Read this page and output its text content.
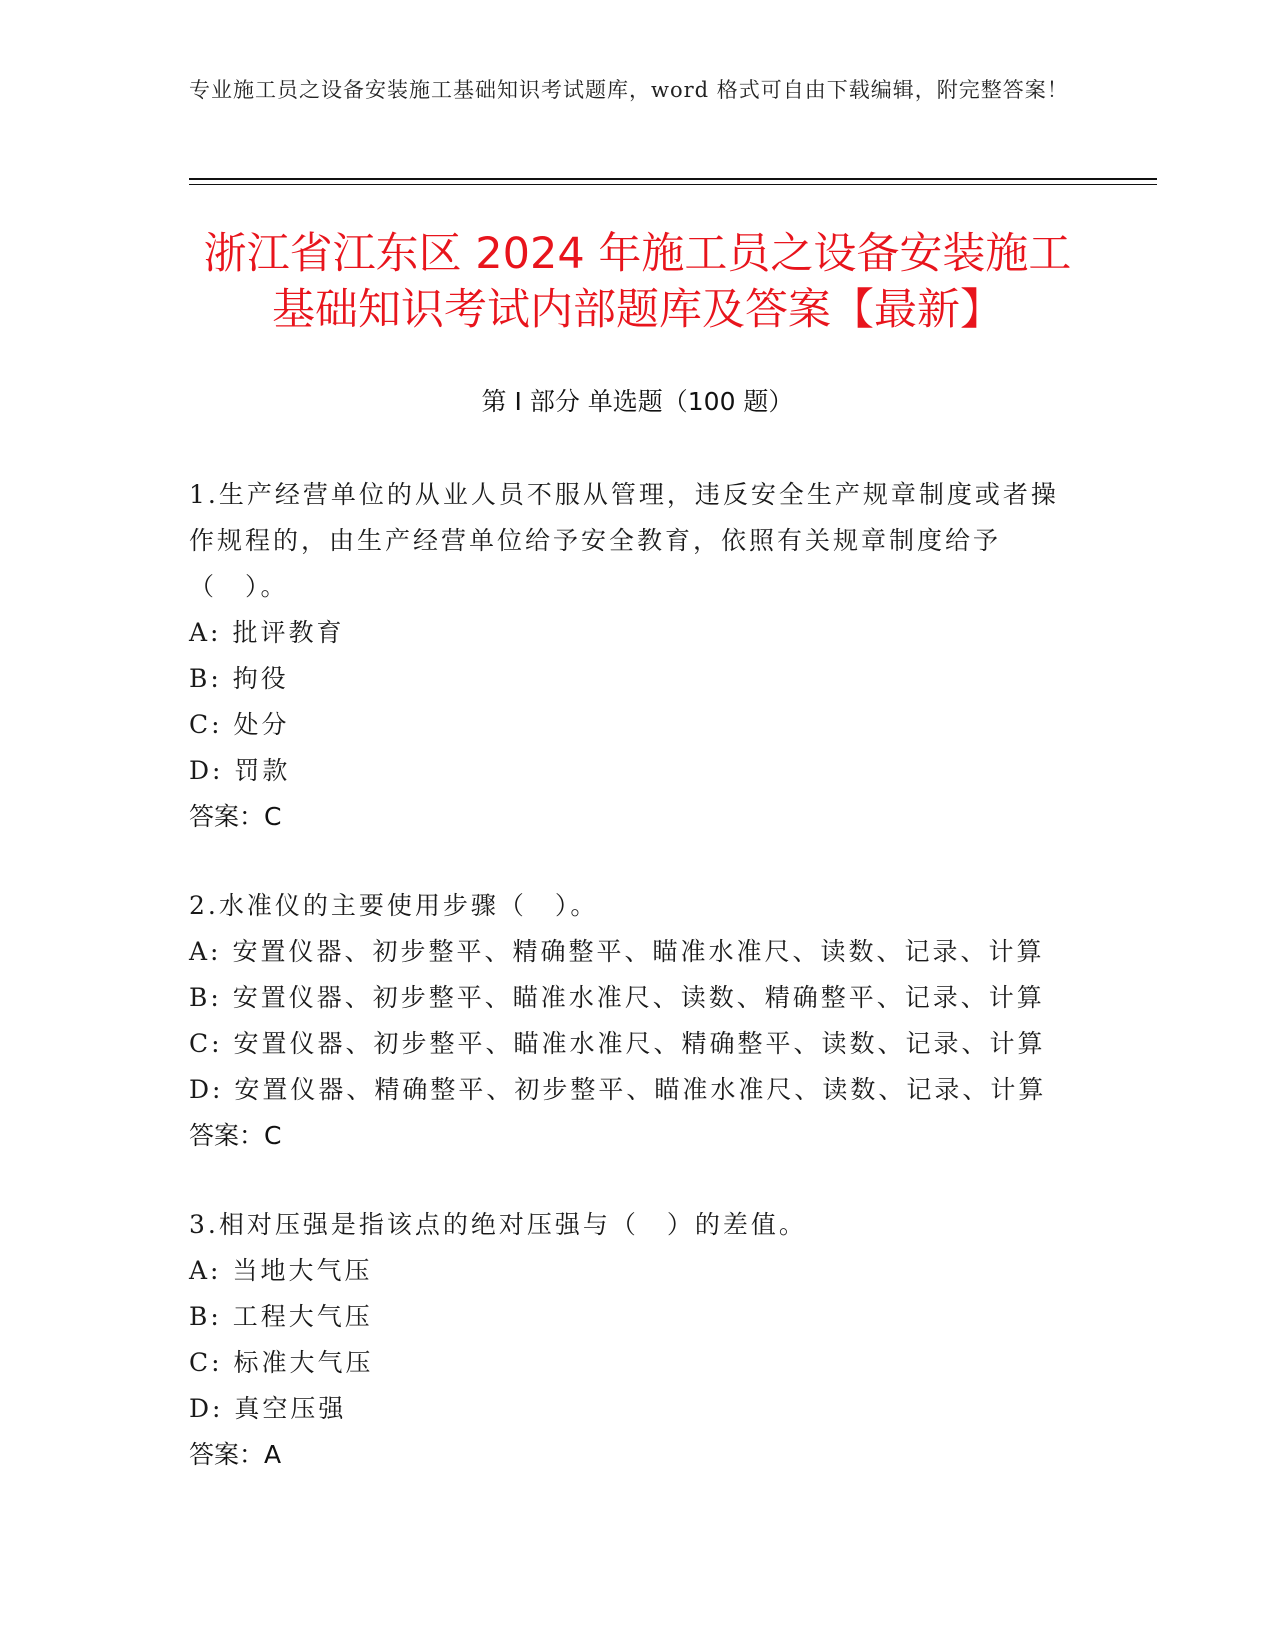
专业施工员之设备安装施工基础知识考试题库，word 格式可自由下载编辑，附完整答案！
浙江省江东区 2024 年施工员之设备安装施工
基础知识考试内部题库及答案【最新】
第 I 部分 单选题（100 题）
1.生产经营单位的从业人员不服从管理，违反安全生产规章制度或者操作规程的，由生产经营单位给予安全教育，依照有关规章制度给予（　）。
A: 批评教育
B: 拘役
C: 处分
D: 罚款
答案：C
2.水准仪的主要使用步骤（　）。
A: 安置仪器、初步整平、精确整平、瞄准水准尺、读数、记录、计算
B: 安置仪器、初步整平、瞄准水准尺、读数、精确整平、记录、计算
C: 安置仪器、初步整平、瞄准水准尺、精确整平、读数、记录、计算
D: 安置仪器、精确整平、初步整平、瞄准水准尺、读数、记录、计算
答案：C
3.相对压强是指该点的绝对压强与（　）的差值。
A: 当地大气压
B: 工程大气压
C: 标准大气压
D: 真空压强
答案：A
